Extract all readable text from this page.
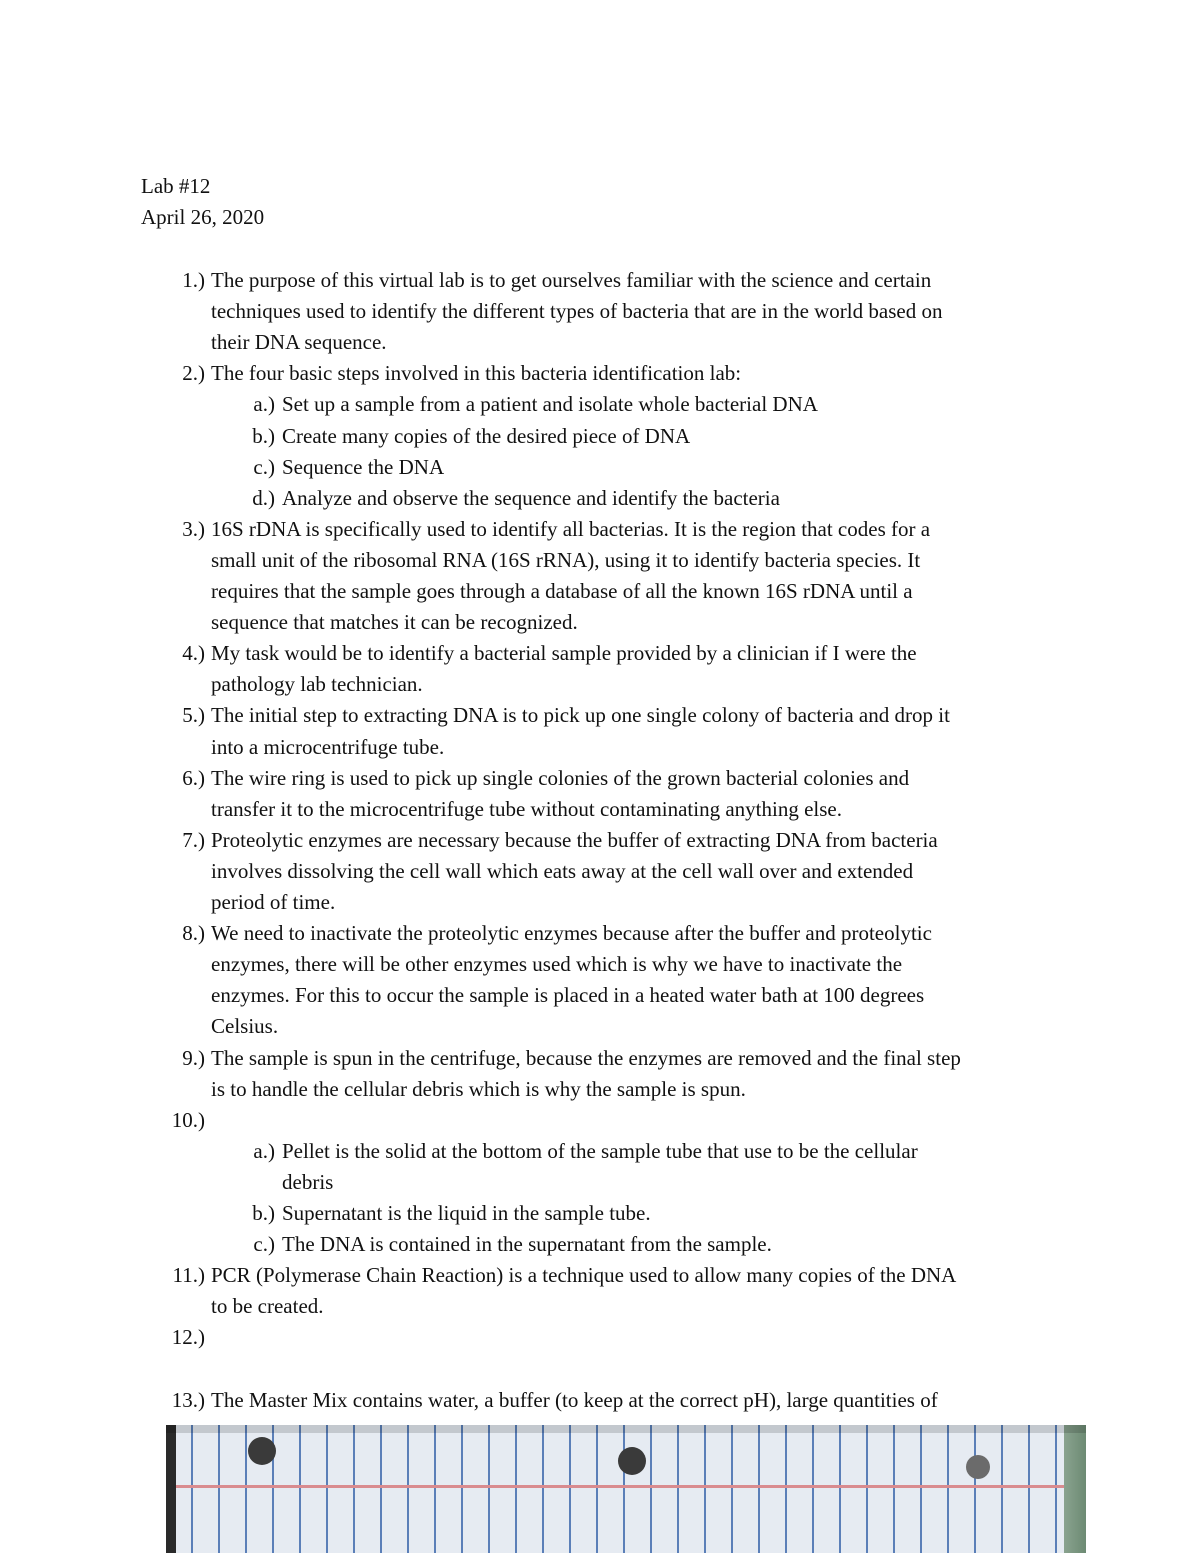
Lab #12
April 26, 2020
1.) The purpose of this virtual lab is to get ourselves familiar with the science and certain
techniques used to identify the different types of bacteria that are in the world based on
their DNA sequence.
2.) The four basic steps involved in this bacteria identification lab:
a.) Set up a sample from a patient and isolate whole bacterial DNA
b.) Create many copies of the desired piece of DNA
c.) Sequence the DNA
d.) Analyze and observe the sequence and identify the bacteria
3.) 16S rDNA is specifically used to identify all bacterias. It is the region that codes for a
small unit of the ribosomal RNA (16S rRNA), using it to identify bacteria species. It
requires that the sample goes through a database of all the known 16S rDNA until a
sequence that matches it can be recognized.
4.) My task would be to identify a bacterial sample provided by a clinician if I were the
pathology lab technician.
5.) The initial step to extracting DNA is to pick up one single colony of bacteria and drop it
into a microcentrifuge tube.
6.) The wire ring is used to pick up single colonies of the grown bacterial colonies and
transfer it to the microcentrifuge tube without contaminating anything else.
7.) Proteolytic enzymes are necessary because the buffer of extracting DNA from bacteria
involves dissolving the cell wall which eats away at the cell wall over and extended
period of time.
8.) We need to inactivate the proteolytic enzymes because after the buffer and proteolytic
enzymes, there will be other enzymes used which is why we have to inactivate the
enzymes. For this to occur the sample is placed in a heated water bath at 100 degrees
Celsius.
9.) The sample is spun in the centrifuge, because the enzymes are removed and the final step
is to handle the cellular debris which is why the sample is spun.
10.)
a.) Pellet is the solid at the bottom of the sample tube that use to be the cellular
debris
b.) Supernatant is the liquid in the sample tube.
c.) The DNA is contained in the supernatant from the sample.
11.) PCR (Polymerase Chain Reaction) is a technique used to allow many copies of the DNA
to be created.
12.)
13.) The Master Mix contains water, a buffer (to keep at the correct pH), large quantities of
